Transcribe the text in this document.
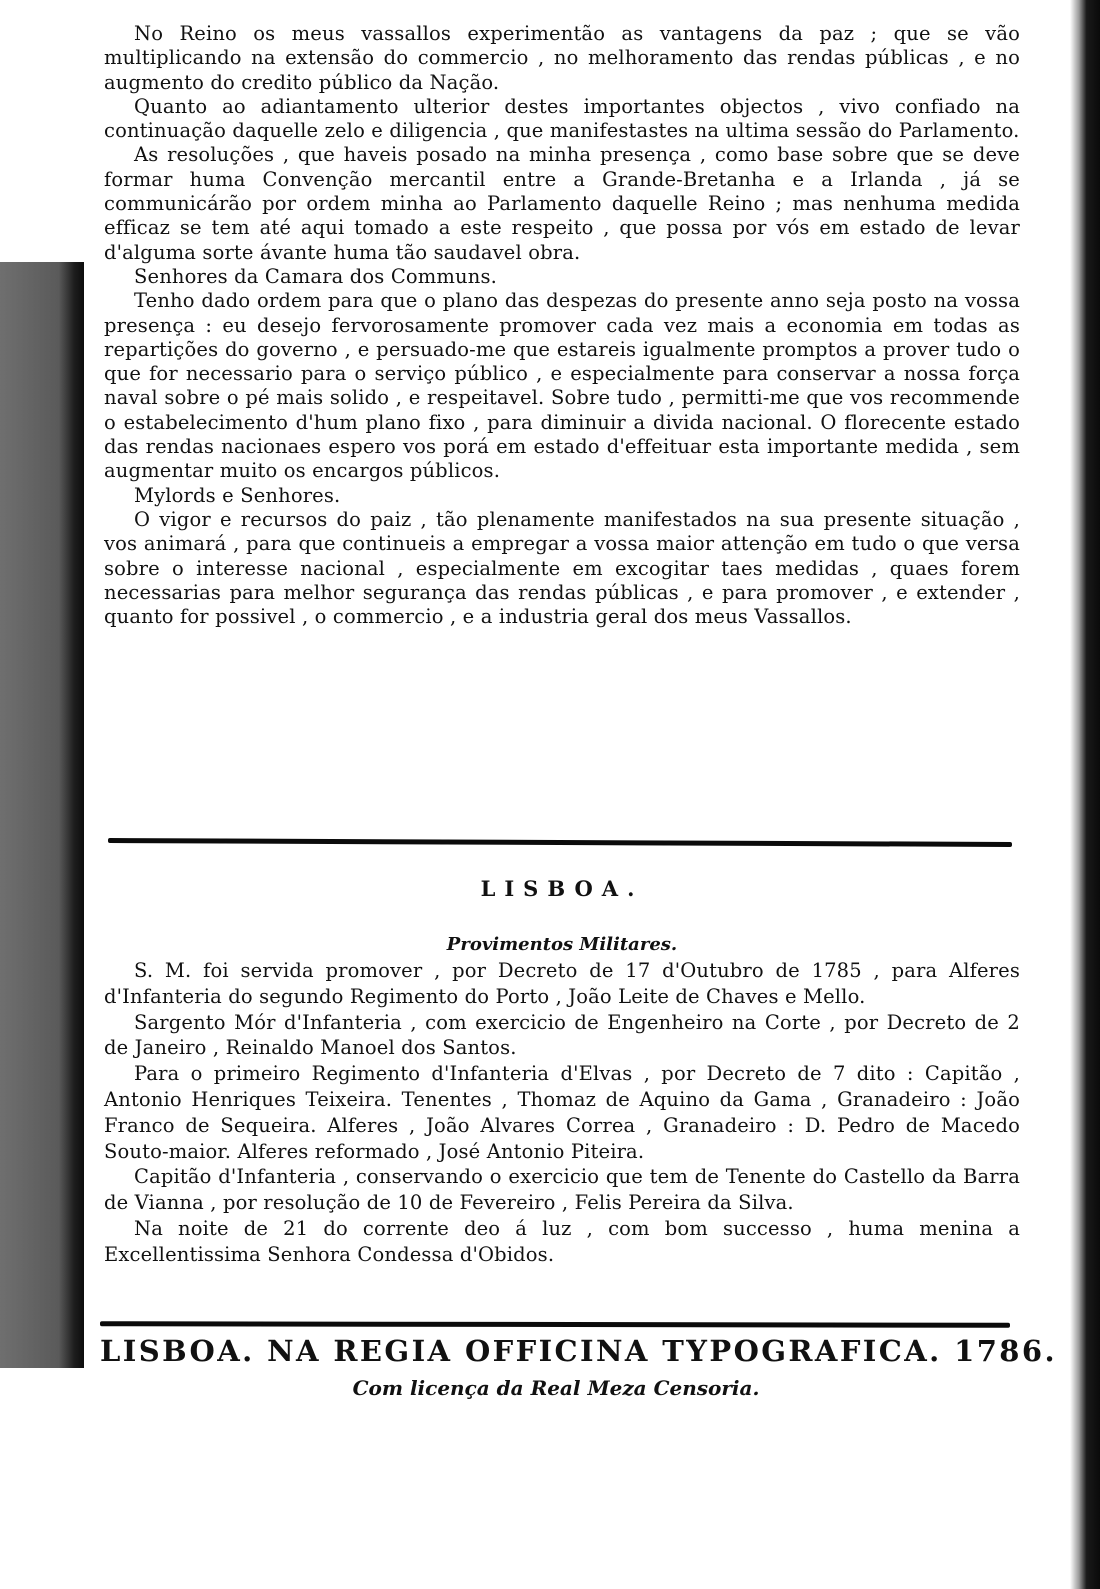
No Reino os meus vassallos experimentão as vantagens da paz ; que se vão multiplicando na extensão do commercio , no melhoramento das rendas públicas , e no augmento do credito público da Nação.

Quanto ao adiantamento ulterior destes importantes objectos , vivo confiado na continuação daquelle zelo e diligencia , que manifestastes na ultima sessão do Parlamento.

As resoluções , que haveis posado na minha presença , como base sobre que se deve formar huma Convenção mercantil entre a Grande-Bretanha e a Irlanda , já se communicárão por ordem minha ao Parlamento daquelle Reino ; mas nenhuma medida efficaz se tem até aqui tomado a este respeito , que possa por vós em estado de levar d'alguma sorte ávante huma tão saudavel obra.

Senhores da Camara dos Communs.

Tenho dado ordem para que o plano das despezas do presente anno seja posto na vossa presença : eu desejo fervorosamente promover cada vez mais a economia em todas as repartições do governo , e persuado-me que estareis igualmente promptos a prover tudo o que for necessario para o serviço público , e especialmente para conservar a nossa força naval sobre o pé mais solido , e respeitavel. Sobre tudo , permitti-me que vos recommende o estabelecimento d'hum plano fixo , para diminuir a divida nacional. O florecente estado das rendas nacionaes espero vos porá em estado d'effeituar esta importante medida , sem augmentar muito os encargos públicos.

Mylords e Senhores.

O vigor e recursos do paiz , tão plenamente manifestados na sua presente situação , vos animará , para que continueis a empregar a vossa maior attenção em tudo o que versa sobre o interesse nacional , especialmente em excogitar taes medidas , quaes forem necessarias para melhor segurança das rendas públicas , e para promover , e extender , quanto for possivel , o commercio , e a industria geral dos meus Vassallos.

LISBOA.
Provimentos Militares.

S. M. foi servida promover , por Decreto de 17 d'Outubro de 1785 , para Alferes d'Infanteria do segundo Regimento do Porto , João Leite de Chaves e Mello.

Sargento Mór d'Infanteria , com exercicio de Engenheiro na Corte , por Decreto de 2 de Janeiro , Reinaldo Manoel dos Santos.

Para o primeiro Regimento d'Infanteria d'Elvas , por Decreto de 7 dito : Capitão , Antonio Henriques Teixeira. Tenentes , Thomaz de Aquino da Gama , Granadeiro : João Franco de Sequeira. Alferes , João Alvares Correa , Granadeiro : D. Pedro de Macedo Souto-maior. Alferes reformado , José Antonio Piteira.

Capitão d'Infanteria , conservando o exercicio que tem de Tenente do Castello da Barra de Vianna , por resolução de 10 de Fevereiro , Felis Pereira da Silva.

Na noite de 21 do corrente deo á luz , com bom successo , huma menina a Excellentissima Senhora Condessa d'Obidos.

LISBOA. NA REGIA OFFICINA TYPOGRAFICA. 1786.
Com licença da Real Meza Censoria.
